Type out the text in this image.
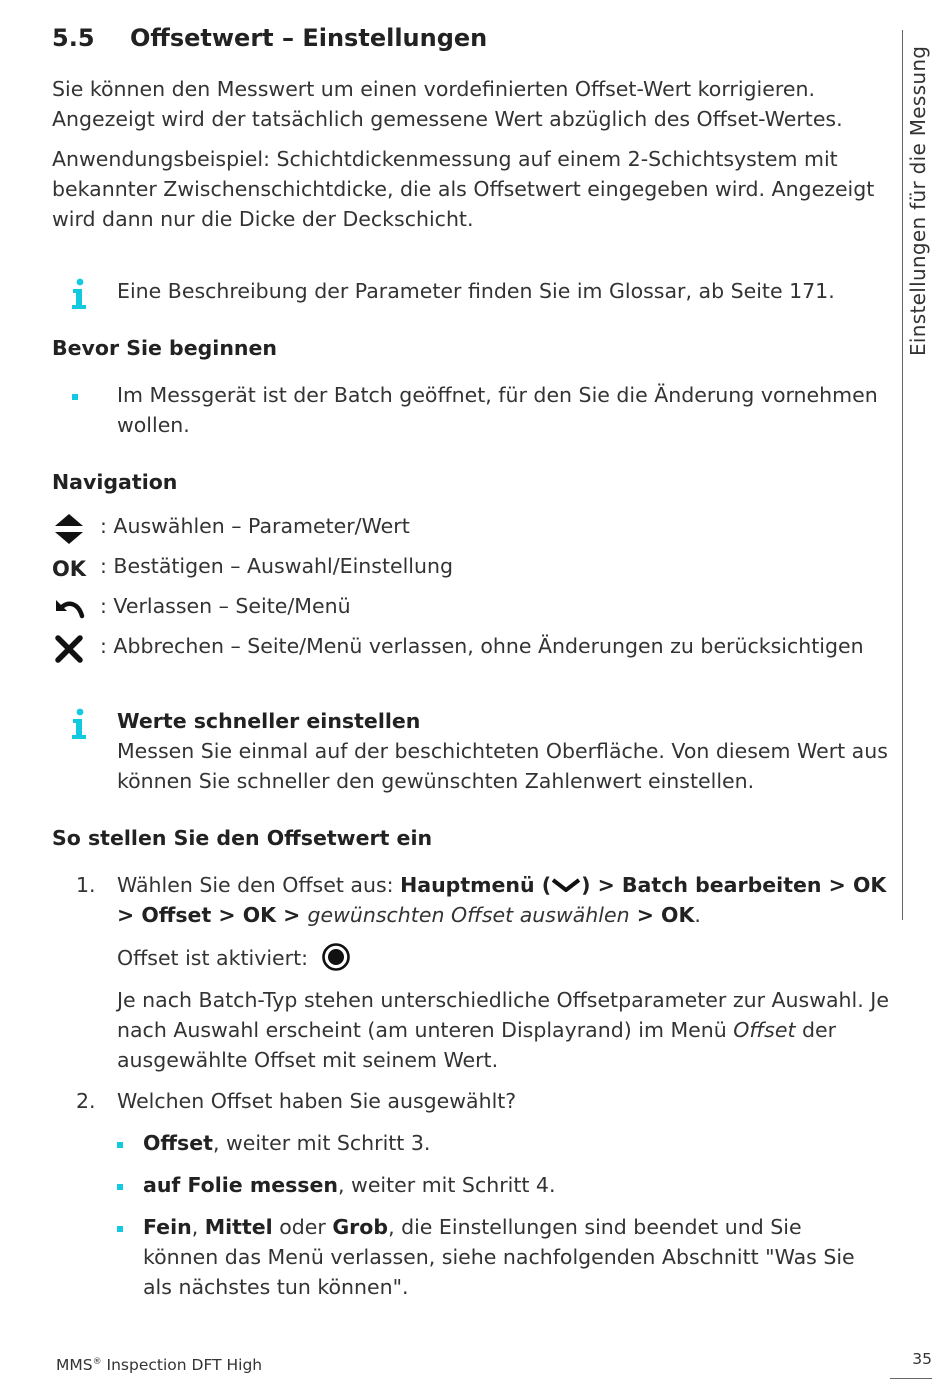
Einstellungen für die Messung
5.5 Offsetwert – Einstellungen
Sie können den Messwert um einen vordefinierten Offset-Wert korrigieren. Angezeigt wird der tatsächlich gemessene Wert abzüglich des Offset-Wertes.
Anwendungsbeispiel: Schichtdickenmessung auf einem 2-Schichtsystem mit bekannter Zwischenschichtdicke, die als Offsetwert eingegeben wird. Angezeigt wird dann nur die Dicke der Deckschicht.
Eine Beschreibung der Parameter finden Sie im Glossar, ab Seite 171.
Bevor Sie beginnen
Im Messgerät ist der Batch geöffnet, für den Sie die Änderung vornehmen wollen.
Navigation
: Auswählen – Parameter/Wert
OK : Bestätigen – Auswahl/Einstellung
: Verlassen – Seite/Menü
: Abbrechen – Seite/Menü verlassen, ohne Änderungen zu berücksichtigen
Werte schneller einstellen
Messen Sie einmal auf der beschichteten Oberfläche. Von diesem Wert aus können Sie schneller den gewünschten Zahlenwert einstellen.
So stellen Sie den Offsetwert ein
1. Wählen Sie den Offset aus: Hauptmenü ( ) > Batch bearbeiten > OK > Offset > OK > gewünschten Offset auswählen > OK.
Offset ist aktiviert:
Je nach Batch-Typ stehen unterschiedliche Offsetparameter zur Auswahl. Je nach Auswahl erscheint (am unteren Displayrand) im Menü Offset der ausgewählte Offset mit seinem Wert.
2. Welchen Offset haben Sie ausgewählt?
Offset, weiter mit Schritt 3.
auf Folie messen, weiter mit Schritt 4.
Fein, Mittel oder Grob, die Einstellungen sind beendet und Sie können das Menü verlassen, siehe nachfolgenden Abschnitt "Was Sie als nächstes tun können".
MMS® Inspection DFT High	35
